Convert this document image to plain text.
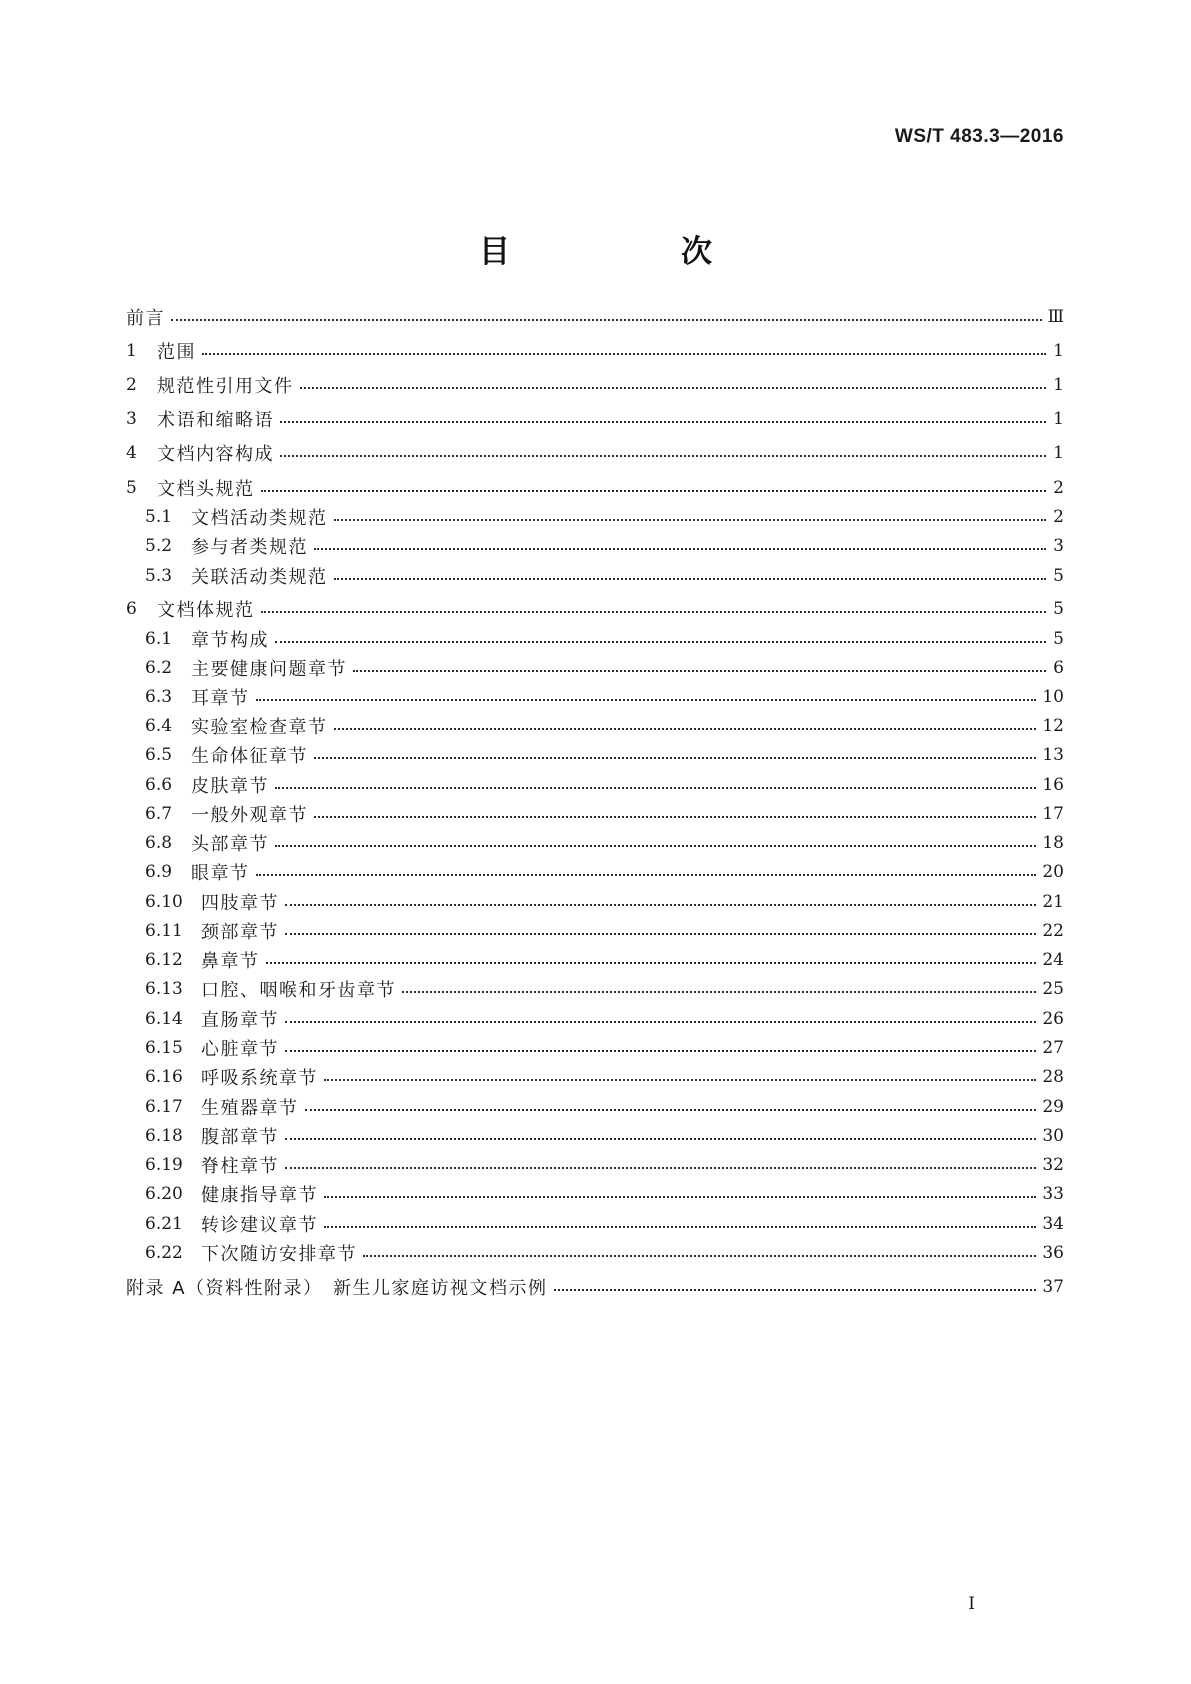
WS/T 483.3—2016
目　次
前言	Ⅲ
1	范围	1
2	规范性引用文件	1
3	术语和缩略语	1
4	文档内容构成	1
5	文档头规范	2
5.1	文档活动类规范	2
5.2	参与者类规范	3
5.3	关联活动类规范	5
6	文档体规范	5
6.1	章节构成	5
6.2	主要健康问题章节	6
6.3	耳章节	10
6.4	实验室检查章节	12
6.5	生命体征章节	13
6.6	皮肤章节	16
6.7	一般外观章节	17
6.8	头部章节	18
6.9	眼章节	20
6.10	四肢章节	21
6.11	颈部章节	22
6.12	鼻章节	24
6.13	口腔、咽喉和牙齿章节	25
6.14	直肠章节	26
6.15	心脏章节	27
6.16	呼吸系统章节	28
6.17	生殖器章节	29
6.18	腹部章节	30
6.19	脊柱章节	32
6.20	健康指导章节	33
6.21	转诊建议章节	34
6.22	下次随访安排章节	36
附录 A（资料性附录）　新生儿家庭访视文档示例	37
I
